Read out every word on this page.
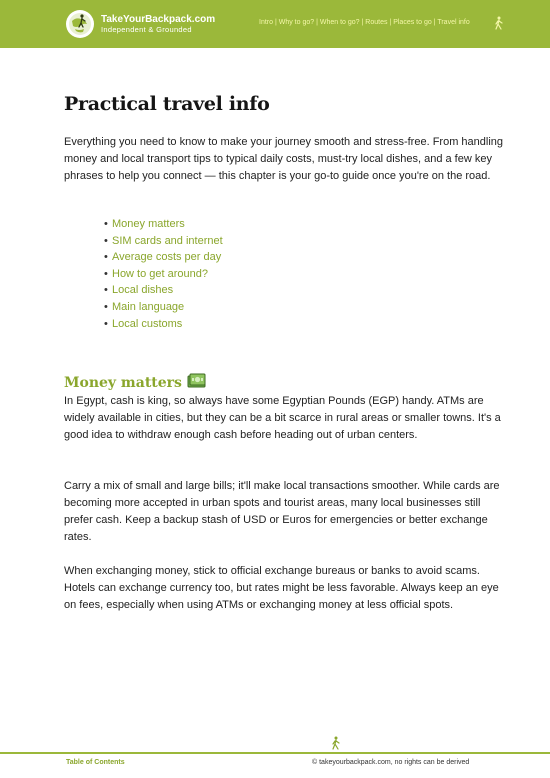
TakeYourBackpack.com
Independent & Grounded
Intro | Why to go? | When to go? | Routes | Places to go | Travel info
Practical travel info

Everything you need to know to make your journey smooth and stress-free. From handling money and local transport tips to typical daily costs, must-try local dishes, and a few key phrases to help you connect — this chapter is your go-to guide once you're on the road.

• Money matters
• SIM cards and internet
• Average costs per day
• How to get around?
• Local dishes
• Main language
• Local customs
Money matters

In Egypt, cash is king, so always have some Egyptian Pounds (EGP) handy. ATMs are widely available in cities, but they can be a bit scarce in rural areas or smaller towns. It's a good idea to withdraw enough cash before heading out of urban centers.

Carry a mix of small and large bills; it'll make local transactions smoother. While cards are becoming more accepted in urban spots and tourist areas, many local businesses still prefer cash. Keep a backup stash of USD or Euros for emergencies or better exchange rates.

When exchanging money, stick to official exchange bureaus or banks to avoid scams. Hotels can exchange currency too, but rates might be less favorable. Always keep an eye on fees, especially when using ATMs or exchanging money at less official spots.

Table of Contents	© takeyourbackpack.com, no rights can be derived
